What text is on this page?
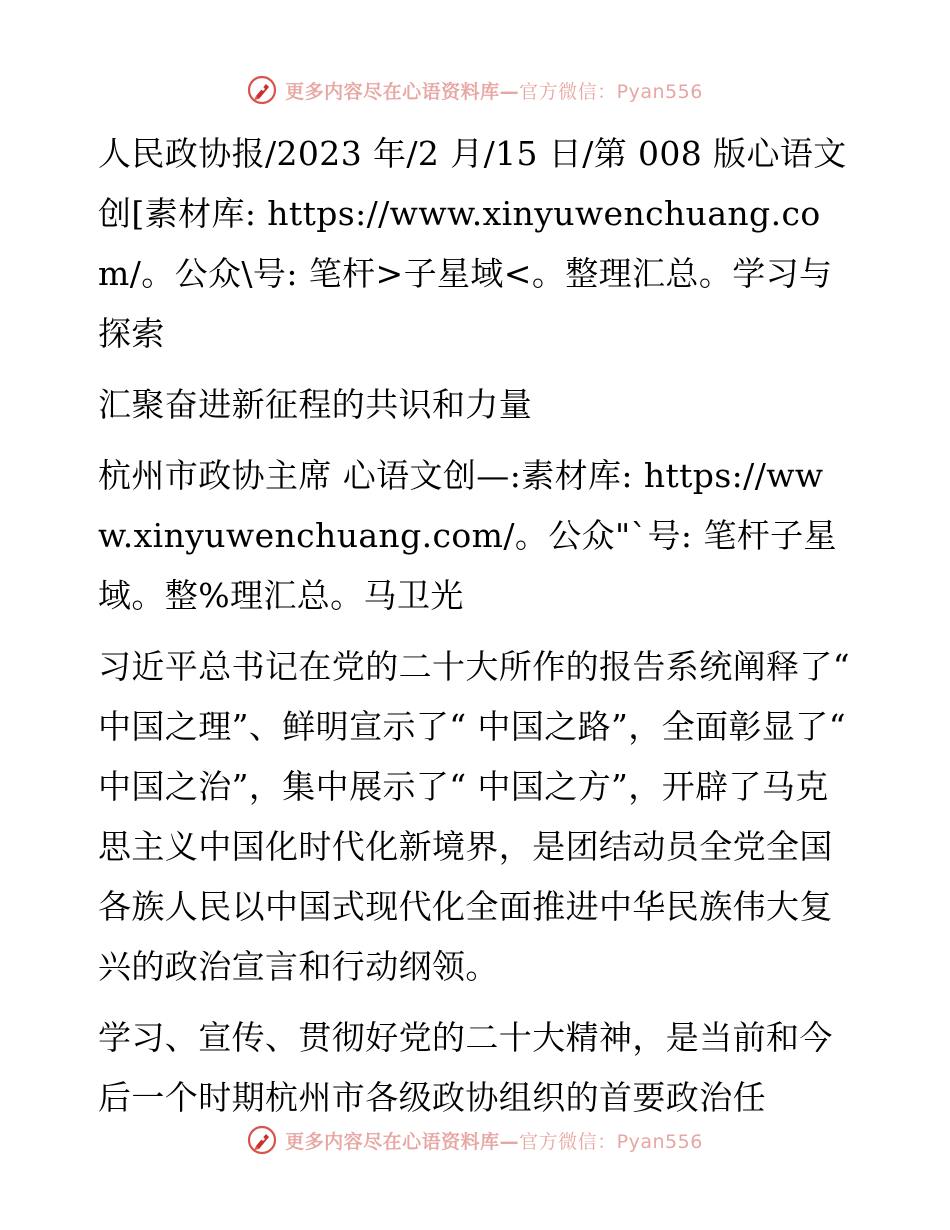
更多内容尽在心语资料库—官方微信：Pyan556

人民政协报/2023 年/2 月/15 日/第 008 版心语文创[素材库: https://www.xinyuwenchuang.com/。公众\号: 笔杆>子星域<。整理汇总。学习与探索

汇聚奋进新征程的共识和力量

杭州市政协主席 心语文创—:素材库: https://www.xinyuwenchuang.com/。公众"`号: 笔杆子星域。整%理汇总。马卫光

习近平总书记在党的二十大所作的报告系统阐释了“ 中国之理”、鲜明宣示了“ 中国之路”，全面彰显了“ 中国之治”，集中展示了“ 中国之方”，开辟了马克思主义中国化时代化新境界，是团结动员全党全国各族人民以中国式现代化全面推进中华民族伟大复兴的政治宣言和行动纲领。

学习、宣传、贯彻好党的二十大精神，是当前和今后一个时期杭州市各级政协组织的首要政治任

更多内容尽在心语资料库—官方微信：Pyan556
